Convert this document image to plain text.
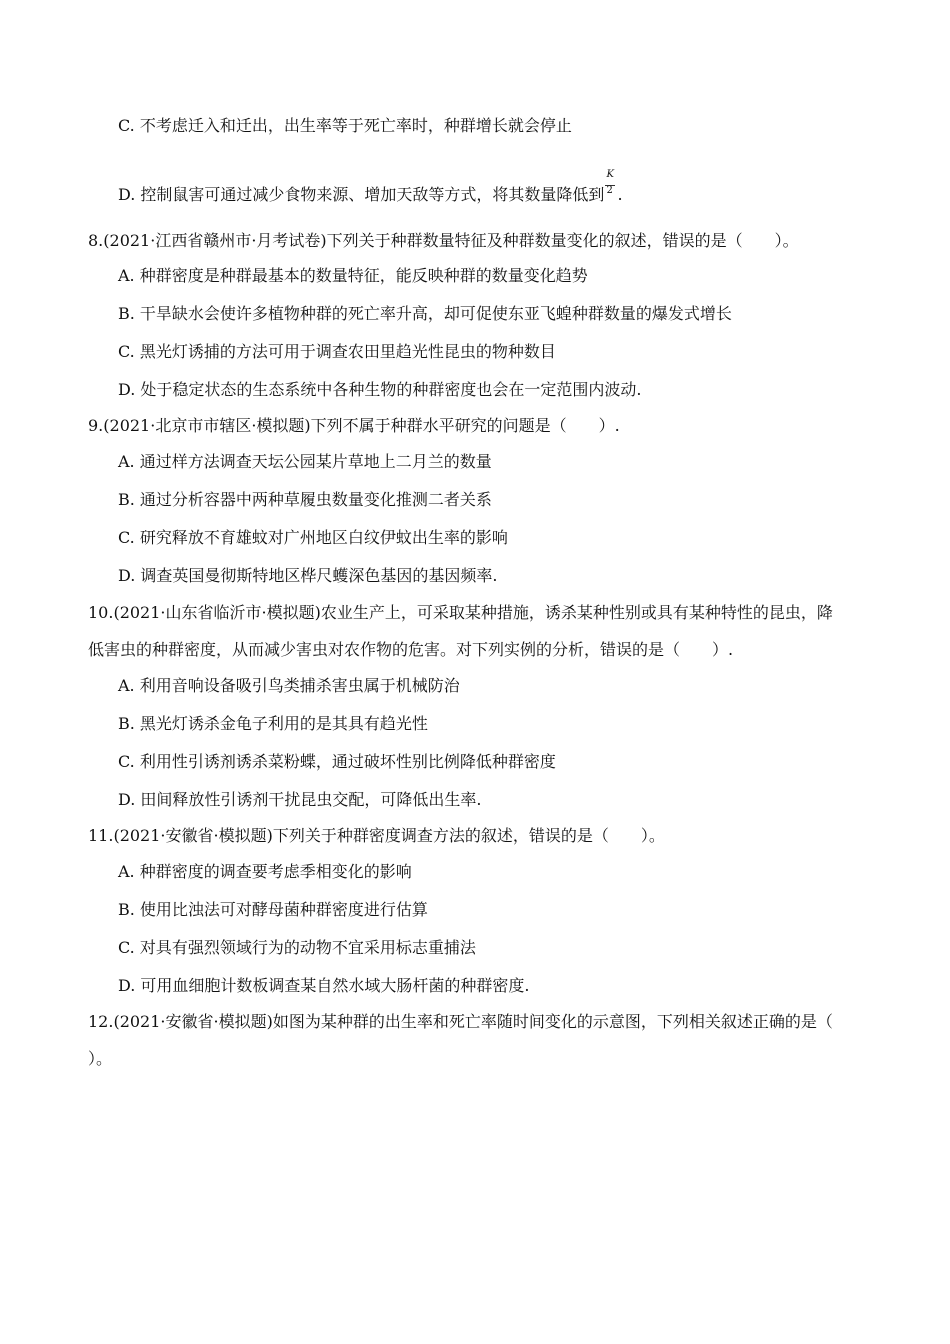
C. 不考虑迁入和迁出，出生率等于死亡率时，种群增长就会停止
D. 控制鼠害可通过减少食物来源、增加天敌等方式，将其数量降低到 $\frac{K}{2}$ .
8.(2021·江西省赣州市·月考试卷)下列关于种群数量特征及种群数量变化的叙述，错误的是（　　）。
A. 种群密度是种群最基本的数量特征，能反映种群的数量变化趋势
B. 干旱缺水会使许多植物种群的死亡率升高，却可促使东亚飞蝗种群数量的爆发式增长
C. 黑光灯诱捕的方法可用于调查农田里趋光性昆虫的物种数目
D. 处于稳定状态的生态系统中各种生物的种群密度也会在一定范围内波动.
9.(2021·北京市市辖区·模拟题)下列不属于种群水平研究的问题是（　　）.
A. 通过样方法调查天坛公园某片草地上二月兰的数量
B. 通过分析容器中两种草履虫数量变化推测二者关系
C. 研究释放不育雄蚊对广州地区白纹伊蚊出生率的影响
D. 调查英国曼彻斯特地区桦尺蠖深色基因的基因频率.
10.(2021·山东省临沂市·模拟题)农业生产上，可采取某种措施，诱杀某种性别或具有某种特性的昆虫，降
低害虫的种群密度，从而减少害虫对农作物的危害。对下列实例的分析，错误的是（　　）.
A. 利用音响设备吸引鸟类捕杀害虫属于机械防治
B. 黑光灯诱杀金龟子利用的是其具有趋光性
C. 利用性引诱剂诱杀菜粉蝶，通过破坏性别比例降低种群密度
D. 田间释放性引诱剂干扰昆虫交配，可降低出生率.
11.(2021·安徽省·模拟题)下列关于种群密度调查方法的叙述，错误的是（　　）。
A. 种群密度的调查要考虑季相变化的影响
B. 使用比浊法可对酵母菌种群密度进行估算
C. 对具有强烈领域行为的动物不宜采用标志重捕法
D. 可用血细胞计数板调查某自然水域大肠杆菌的种群密度.
12.(2021·安徽省·模拟题)如图为某种群的出生率和死亡率随时间变化的示意图，下列相关叙述正确的是（
）。
